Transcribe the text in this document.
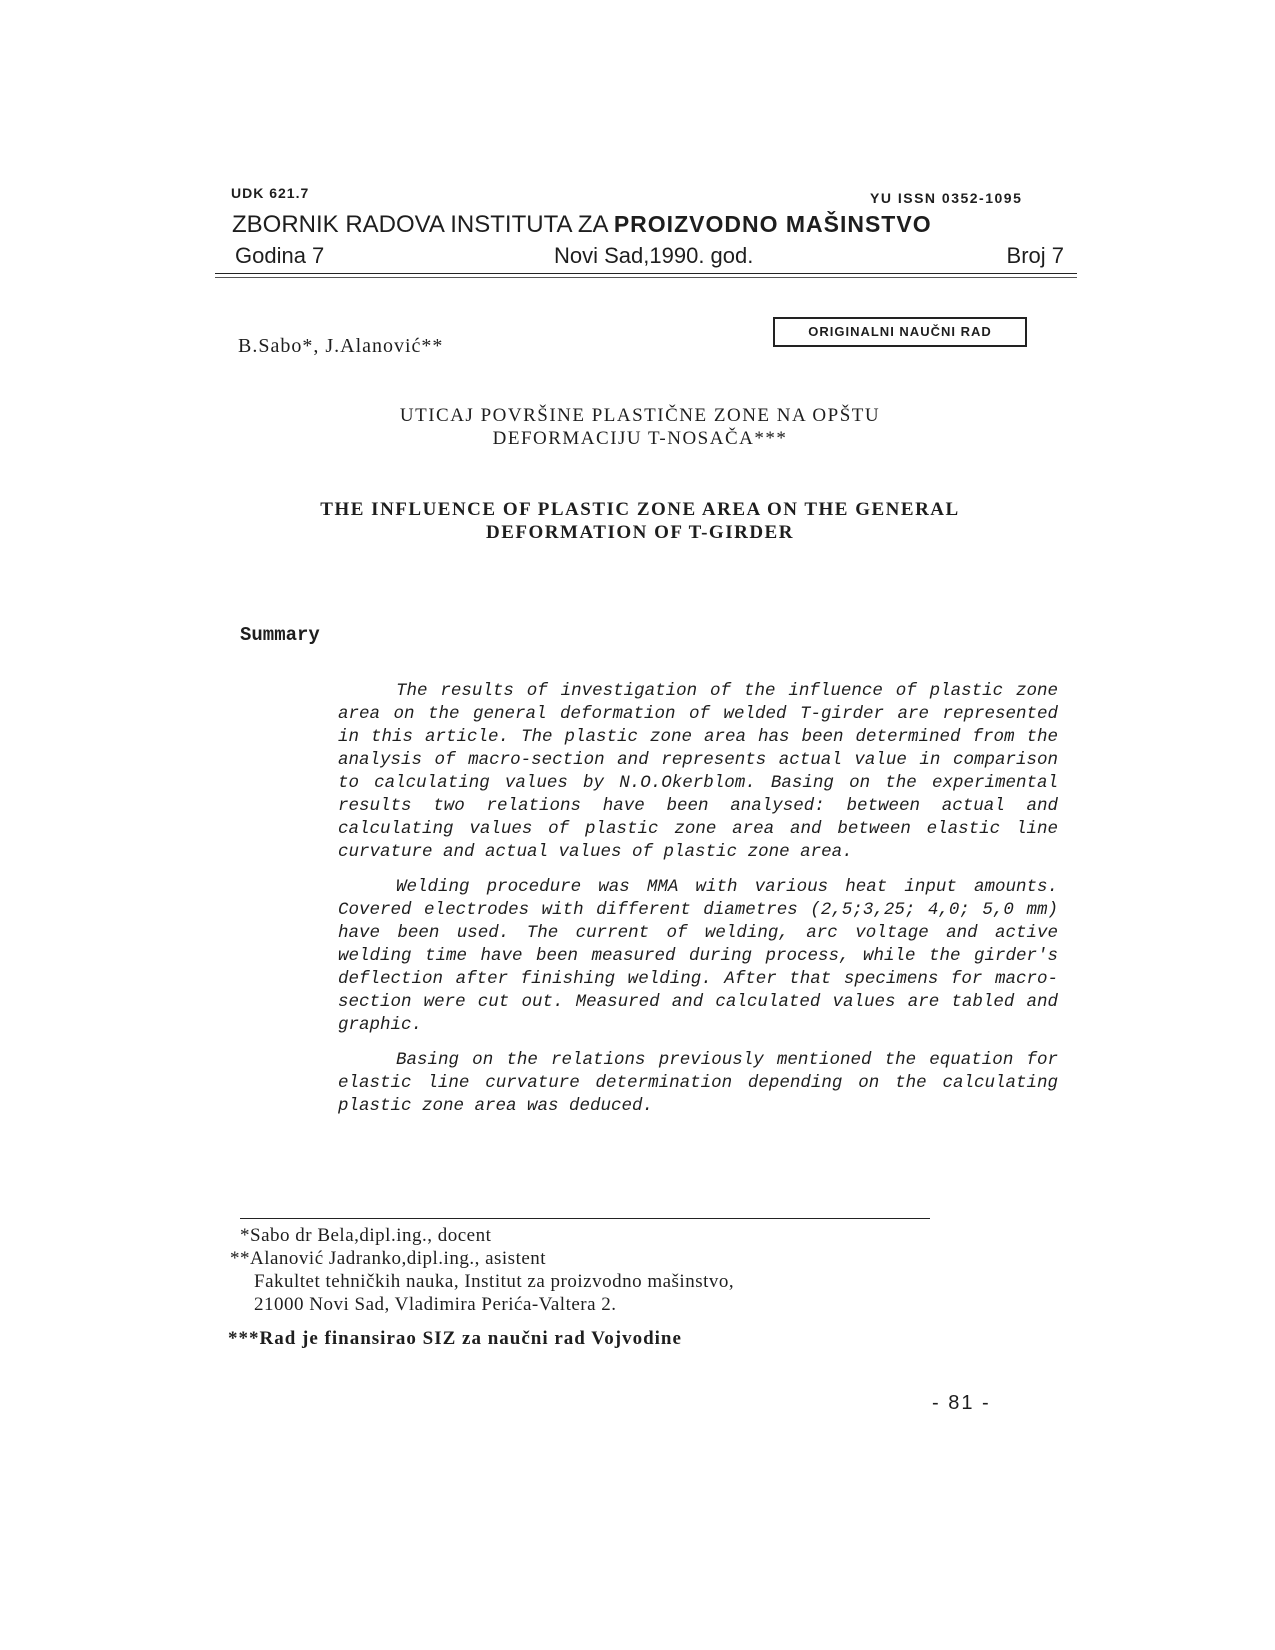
UDK 621.7	YU ISSN 0352-1095
ZBORNIK RADOVA INSTITUTA ZA PROIZVODNO MAŠINSTVO
Godina 7	Novi Sad,1990. god.	Broj 7
B.Sabo*, J.Alanović**
ORIGINALNI NAUČNI RAD
UTICAJ POVRŠINE PLASTIČNE ZONE NA OPŠTU
DEFORMACIJU T-NOSAČA***
THE INFLUENCE OF PLASTIC ZONE AREA ON THE GENERAL
DEFORMATION OF T-GIRDER
Summary

The results of investigation of the influence of plastic zone area on the general deformation of welded T-girder are represented in this article. The plastic zone area has been determined from the analysis of macro-section and represents actual value in comparison to calculating values by N.O.Okerblom. Basing on the experimental results two relations have been analysed: between actual and calculating values of plastic zone area and between elastic line curvature and actual values of plastic zone area.

Welding procedure was MMA with various heat input amounts. Covered electrodes with different diametres (2,5;3,25; 4,0; 5,0 mm) have been used. The current of welding, arc voltage and active welding time have been measured during process, while the girder's deflection after finishing welding. After that specimens for macro-section were cut out. Measured and calculated values are tabled and graphic.

Basing on the relations previously mentioned the equation for elastic line curvature determination depending on the calculating plastic zone area was deduced.

*Sabo dr Bela,dipl.ing., docent
**Alanović Jadranko,dipl.ing., asistent
Fakultet tehničkih nauka, Institut za proizvodno mašinstvo,
21000 Novi Sad, Vladimira Perića-Valtera 2.
***Rad je finansirao SIZ za naučni rad Vojvodine
- 81 -
